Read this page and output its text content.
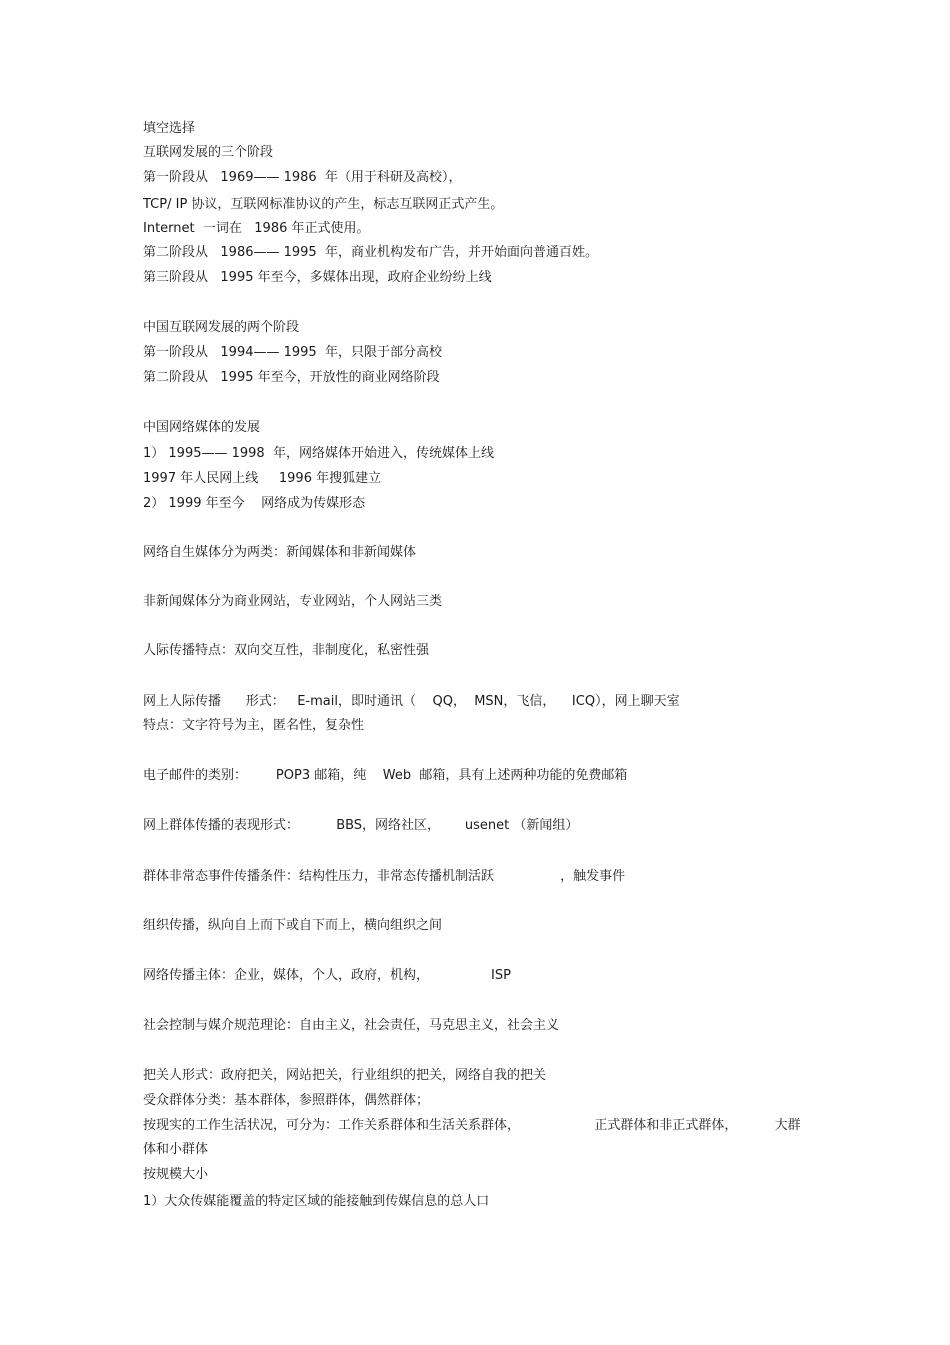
填空选择
互联网发展的三个阶段
第一阶段从   1969—— 1986  年（用于科研及高校），
TCP/ IP 协议，互联网标准协议的产生，标志互联网正式产生。
Internet  一词在   1986 年正式使用。
第二阶段从   1986—— 1995  年，商业机构发布广告，并开始面向普通百姓。
第三阶段从   1995 年至今，多媒体出现，政府企业纷纷上线
中国互联网发展的两个阶段
第一阶段从   1994—— 1995  年，只限于部分高校
第二阶段从   1995 年至今，开放性的商业网络阶段
中国网络媒体的发展
1） 1995—— 1998  年，网络媒体开始进入，传统媒体上线
1997 年人民网上线     1996 年搜狐建立
2） 1999 年至今    网络成为传媒形态
网络自生媒体分为两类：新闻媒体和非新闻媒体
非新闻媒体分为商业网站，专业网站，个人网站三类
人际传播特点：双向交互性，非制度化，私密性强
网上人际传播      形式：   E-mail，即时通讯（    QQ，  MSN，飞信，    ICQ），网上聊天室
特点：文字符号为主，匿名性，复杂性
电子邮件的类别：       POP3 邮箱，纯    Web  邮箱，具有上述两种功能的免费邮箱
网上群体传播的表现形式：         BBS，网络社区，      usenet （新闻组）
群体非常态事件传播条件：结构性压力，非常态传播机制活跃                ，触发事件
组织传播，纵向自上而下或自下而上，横向组织之间
网络传播主体：企业，媒体，个人，政府，机构，               ISP
社会控制与媒介规范理论：自由主义，社会责任，马克思主义，社会主义
把关人形式：政府把关，网站把关，行业组织的把关，网络自我的把关
受众群体分类：基本群体，参照群体，偶然群体；
按现实的工作生活状况，可分为：工作关系群体和生活关系群体，                  正式群体和非正式群体，         大群
体和小群体
按规模大小
1）大众传媒能覆盖的特定区域的能接触到传媒信息的总人口
